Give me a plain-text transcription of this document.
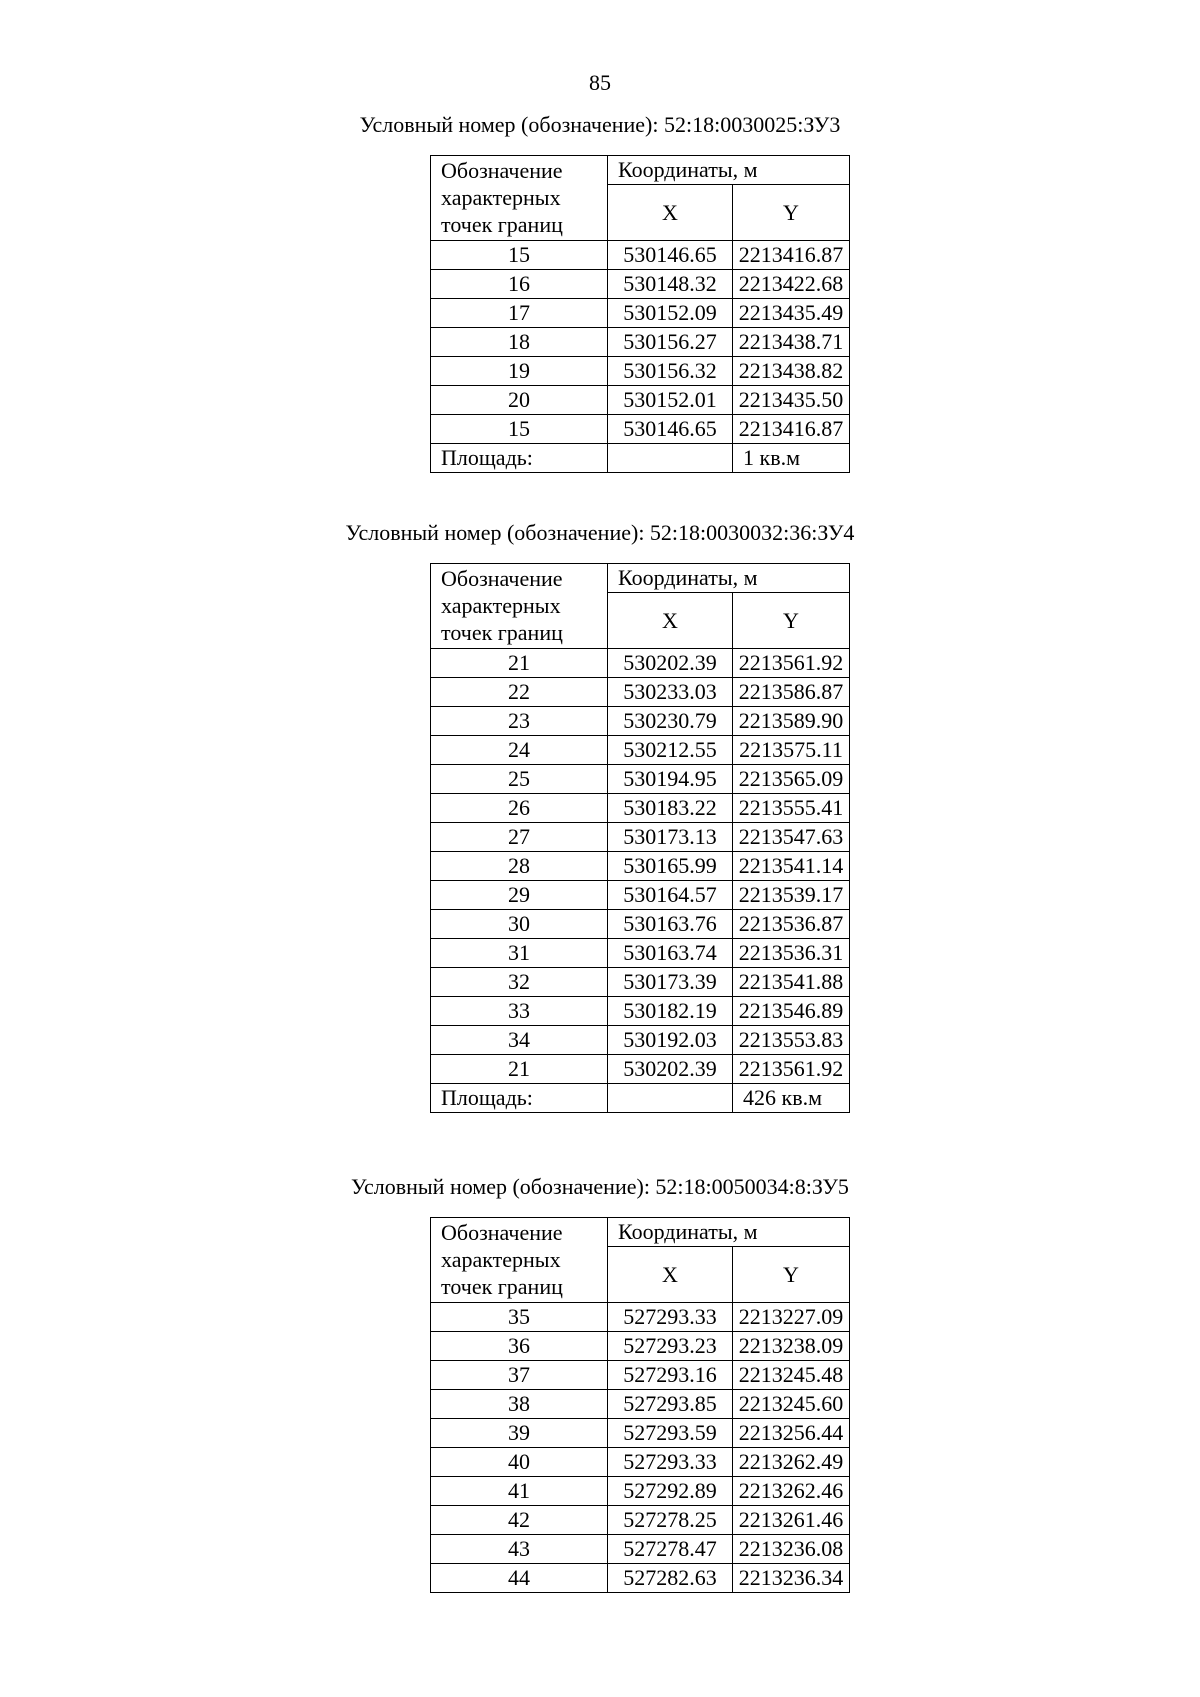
85
Условный номер (обозначение): 52:18:0030025:ЗУ3
Обозначение характерных точек границ	Координаты, м	
	X	Y
15	530146.65	2213416.87
16	530148.32	2213422.68
17	530152.09	2213435.49
18	530156.27	2213438.71
19	530156.32	2213438.82
20	530152.01	2213435.50
15	530146.65	2213416.87
Площадь:		1 кв.м
Условный номер (обозначение): 52:18:0030032:36:ЗУ4
Обозначение характерных точек границ	Координаты, м	
	X	Y
21	530202.39	2213561.92
22	530233.03	2213586.87
23	530230.79	2213589.90
24	530212.55	2213575.11
25	530194.95	2213565.09
26	530183.22	2213555.41
27	530173.13	2213547.63
28	530165.99	2213541.14
29	530164.57	2213539.17
30	530163.76	2213536.87
31	530163.74	2213536.31
32	530173.39	2213541.88
33	530182.19	2213546.89
34	530192.03	2213553.83
21	530202.39	2213561.92
Площадь:		426 кв.м
Условный номер (обозначение): 52:18:0050034:8:ЗУ5
Обозначение характерных точек границ	Координаты, м	
	X	Y
35	527293.33	2213227.09
36	527293.23	2213238.09
37	527293.16	2213245.48
38	527293.85	2213245.60
39	527293.59	2213256.44
40	527293.33	2213262.49
41	527292.89	2213262.46
42	527278.25	2213261.46
43	527278.47	2213236.08
44	527282.63	2213236.34
